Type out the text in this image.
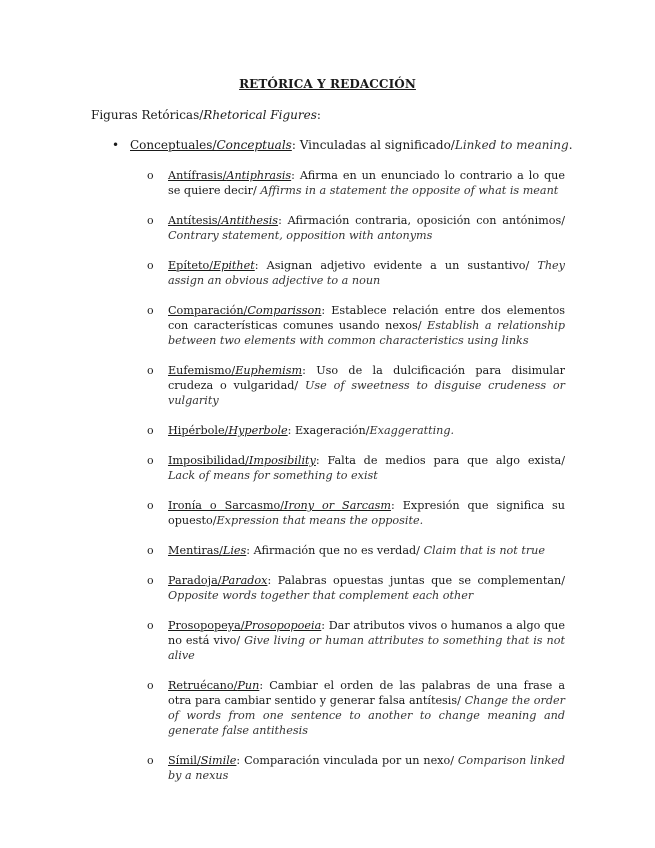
RETÓRICA Y REDACCIÓN
Figuras Retóricas/Rhetorical Figures:
• Conceptuales/Conceptuals: Vinculadas al significado/Linked to meaning.
o Antífrasis/Antiphrasis: Afirma en un enunciado lo contrario a lo que se quiere decir/ Affirms in a statement the opposite of what is meant
o Antítesis/Antithesis: Afirmación contraria, oposición con antónimos/ Contrary statement, opposition with antonyms
o Epíteto/Epithet: Asignan adjetivo evidente a un sustantivo/ They assign an obvious adjective to a noun
o Comparación/Comparisson: Establece relación entre dos elementos con características comunes usando nexos/ Establish a relationship between two elements with common characteristics using links
o Eufemismo/Euphemism: Uso de la dulcificación para disimular crudeza o vulgaridad/ Use of sweetness to disguise crudeness or vulgarity
o Hipérbole/Hyperbole: Exageración/Exaggeratting.
o Imposibilidad/Imposibility: Falta de medios para que algo exista/ Lack of means for something to exist
o Ironía o Sarcasmo/Irony or Sarcasm: Expresión que significa su opuesto/Expression that means the opposite.
o Mentiras/Lies: Afirmación que no es verdad/ Claim that is not true
o Paradoja/Paradox: Palabras opuestas juntas que se complementan/ Opposite words together that complement each other
o Prosopopeya/Prosopopoeia: Dar atributos vivos o humanos a algo que no está vivo/ Give living or human attributes to something that is not alive
o Retruécano/Pun: Cambiar el orden de las palabras de una frase a otra para cambiar sentido y generar falsa antítesis/ Change the order of words from one sentence to another to change meaning and generate false antithesis
o Símil/Simile: Comparación vinculada por un nexo/ Comparison linked by a nexus
